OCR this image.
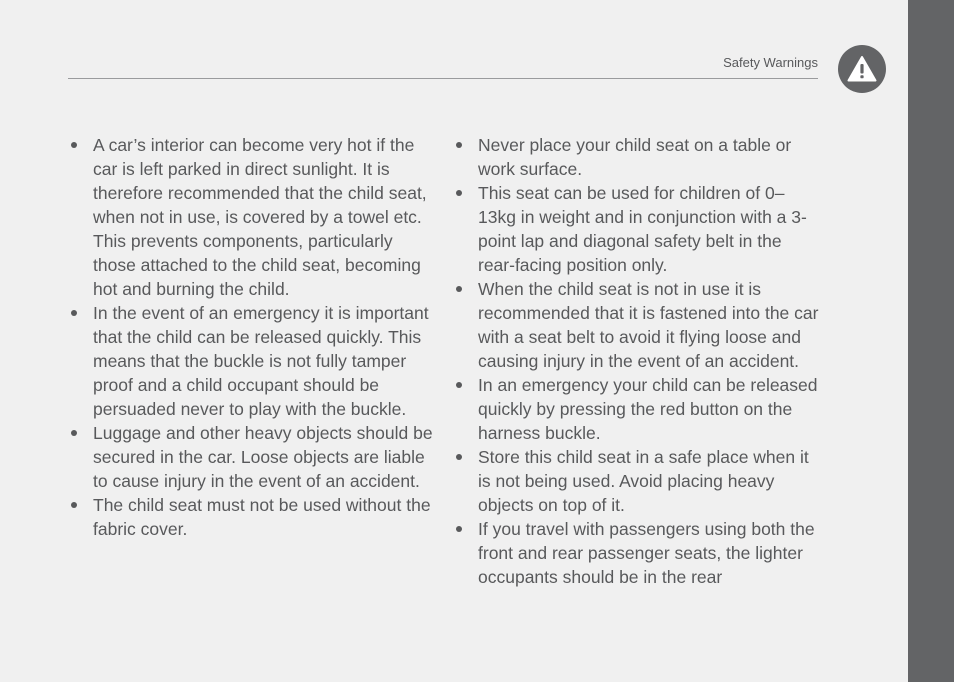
Safety Warnings
A car’s interior can become very hot if the car is left parked in direct sunlight. It is therefore recommended that the child seat, when not in use, is covered by a towel etc. This prevents components, particularly those attached to the child seat, becoming hot and burning the child.
In the event of an emergency it is important that the child can be released quickly. This means that the buckle is not fully tamper proof and a child occupant should be persuaded never to play with the buckle.
Luggage and other heavy objects should be secured in the car. Loose objects are liable to cause injury in the event of an accident.
The child seat must not be used without the fabric cover.
Never place your child seat on a table or work surface.
This seat can be used for children of 0–13kg in weight and in conjunction with a 3-point lap and diagonal safety belt in the rear-facing position only.
When the child seat is not in use it is recommended that it is fastened into the car with a seat belt to avoid it flying loose and causing injury in the event of an accident.
In an emergency your child can be released quickly by pressing the red button on the harness buckle.
Store this child seat in a safe place when it is not being used. Avoid placing heavy objects on top of it.
If you travel with passengers using both the front and rear passenger seats, the lighter occupants should be in the rear
